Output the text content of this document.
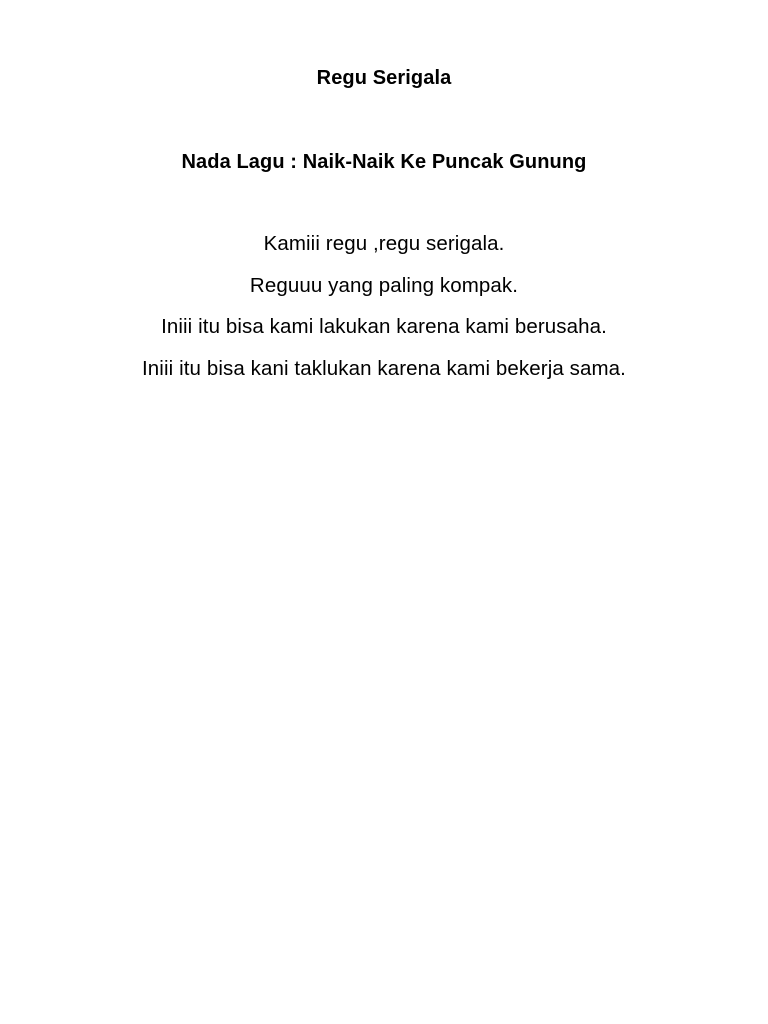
Regu Serigala
Nada Lagu : Naik-Naik Ke Puncak Gunung
Kamiii regu ,regu serigala.
Reguuu yang paling kompak.
Iniii itu bisa kami lakukan karena kami berusaha.
Iniii itu bisa kani taklukan karena kami bekerja sama.
